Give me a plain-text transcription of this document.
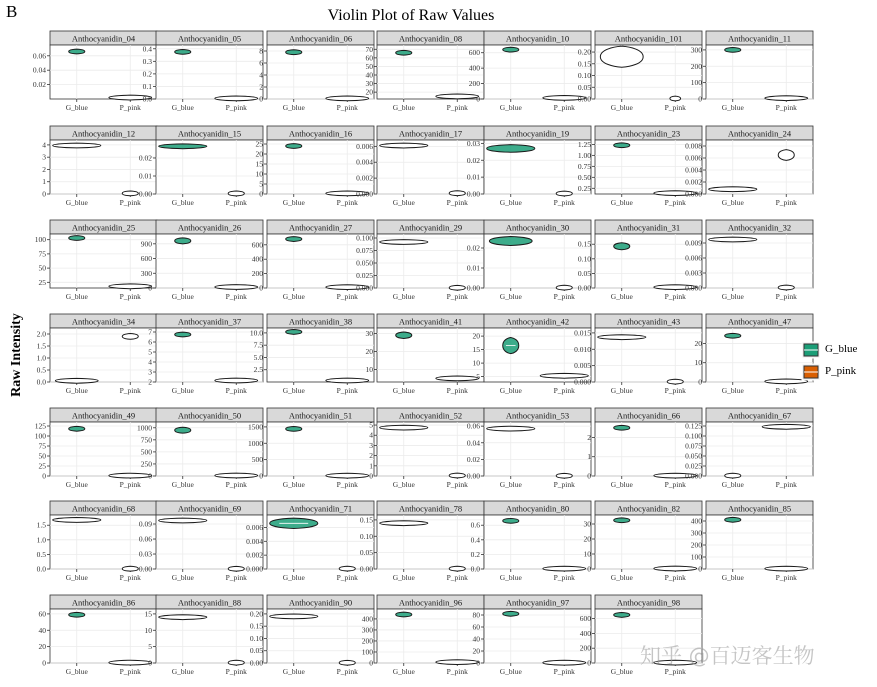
B	Violin Plot of Raw Values
Raw Intensity
Anthocyanidin_04
0.02
0.04
0.06
G_blue	P_pink
Anthocyanidin_05
0.0
0.1
0.2
0.3
0.4
G_blue	P_pink
Anthocyanidin_06
0
2
4
6
8
G_blue	P_pink
Anthocyanidin_08
20
30
40
50
60
70
G_blue	P_pink
Anthocyanidin_10
0
200
400
600
G_blue	P_pink
Anthocyanidin_101
0.00
0.05
0.10
0.15
0.20
G_blue	P_pink
Anthocyanidin_11
0
100
200
300
G_blue	P_pink
Anthocyanidin_12
0
1
2
3
4
G_blue	P_pink
Anthocyanidin_15
0.00
0.01
0.02
G_blue	P_pink
Anthocyanidin_16
0
5
10
15
20
25
G_blue	P_pink
Anthocyanidin_17
0.000
0.002
0.004
0.006
G_blue	P_pink
Anthocyanidin_19
0.00
0.01
0.02
0.03
G_blue	P_pink
Anthocyanidin_23
0.25
0.50
0.75
1.00
1.25
G_blue	P_pink
Anthocyanidin_24
0.000
0.002
0.004
0.006
0.008
G_blue	P_pink
Anthocyanidin_25
25
50
75
100
G_blue	P_pink
Anthocyanidin_26
0
300
600
900
G_blue	P_pink
Anthocyanidin_27
0
200
400
600
G_blue	P_pink
Anthocyanidin_29
0.000
0.025
0.050
0.075
0.100
G_blue	P_pink
Anthocyanidin_30
0.00
0.01
0.02
G_blue	P_pink
Anthocyanidin_31
0.00
0.05
0.10
0.15
G_blue	P_pink
Anthocyanidin_32
0.000
0.003
0.006
0.009
G_blue	P_pink
Anthocyanidin_34
0.0
0.5
1.0
1.5
2.0
G_blue	P_pink
Anthocyanidin_37
2
3
4
5
6
7
G_blue	P_pink
Anthocyanidin_38
2.5
5.0
7.5
10.0
G_blue	P_pink
Anthocyanidin_41
10
20
30
G_blue	P_pink
Anthocyanidin_42
5
10
15
20
G_blue	P_pink
Anthocyanidin_43
0.000
0.005
0.010
0.015
G_blue	P_pink
Anthocyanidin_47
0
10
20
G_blue	P_pink
Anthocyanidin_49
0
25
50
75
100
125
G_blue	P_pink
Anthocyanidin_50
0
250
500
750
1000
G_blue	P_pink
Anthocyanidin_51
0
500
1000
1500
G_blue	P_pink
Anthocyanidin_52
0
1
2
3
4
5
G_blue	P_pink
Anthocyanidin_53
0.00
0.02
0.04
0.06
G_blue	P_pink
Anthocyanidin_66
0
1
2
G_blue	P_pink
Anthocyanidin_67
0.000
0.025
0.050
0.075
0.100
0.125
G_blue	P_pink
Anthocyanidin_68
0.0
0.5
1.0
1.5
G_blue	P_pink
Anthocyanidin_69
0.00
0.03
0.06
0.09
G_blue	P_pink
Anthocyanidin_71
0.000
0.002
0.004
0.006
G_blue	P_pink
Anthocyanidin_78
0.00
0.05
0.10
0.15
G_blue	P_pink
Anthocyanidin_80
0.0
0.2
0.4
0.6
G_blue	P_pink
Anthocyanidin_82
0
10
20
30
G_blue	P_pink
Anthocyanidin_85
0
100
200
300
400
G_blue	P_pink
Anthocyanidin_86
0
20
40
60
G_blue	P_pink
Anthocyanidin_88
0
5
10
15
G_blue	P_pink
Anthocyanidin_90
0.00
0.05
0.10
0.15
0.20
G_blue	P_pink
Anthocyanidin_96
0
100
200
300
400
G_blue	P_pink
Anthocyanidin_97
0
20
40
60
80
G_blue	P_pink
Anthocyanidin_98
0
200
400
600
G_blue	P_pink
G_blue
P_pink
知乎 @百迈客生物
